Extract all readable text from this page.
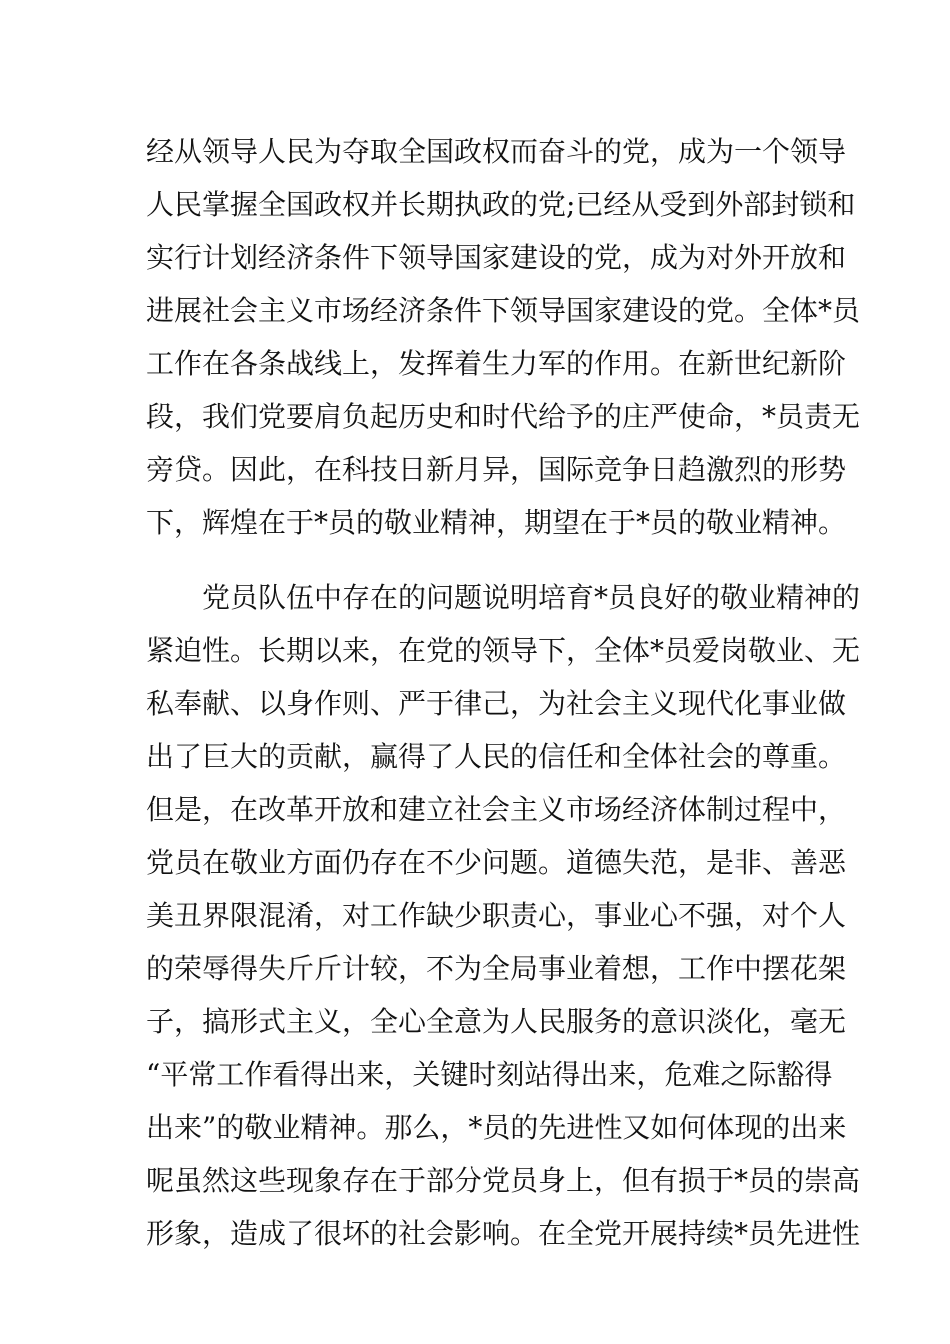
经从领导人民为夺取全国政权而奋斗的党，成为一个领导
人民掌握全国政权并长期执政的党;已经从受到外部封锁和
实行计划经济条件下领导国家建设的党，成为对外开放和
进展社会主义市场经济条件下领导国家建设的党。全体*员
工作在各条战线上，发挥着生力军的作用。在新世纪新阶
段，我们党要肩负起历史和时代给予的庄严使命，*员责无
旁贷。因此，在科技日新月异，国际竞争日趋激烈的形势
下，辉煌在于*员的敬业精神，期望在于*员的敬业精神。
　　党员队伍中存在的问题说明培育*员良好的敬业精神的
紧迫性。长期以来，在党的领导下，全体*员爱岗敬业、无
私奉献、以身作则、严于律己，为社会主义现代化事业做
出了巨大的贡献，赢得了人民的信任和全体社会的尊重。
但是，在改革开放和建立社会主义市场经济体制过程中，
党员在敬业方面仍存在不少问题。道德失范，是非、善恶
美丑界限混淆，对工作缺少职责心，事业心不强，对个人
的荣辱得失斤斤计较，不为全局事业着想，工作中摆花架
子，搞形式主义，全心全意为人民服务的意识淡化，毫无
“平常工作看得出来，关键时刻站得出来，危难之际豁得
出来”的敬业精神。那么，*员的先进性又如何体现的出来
呢虽然这些现象存在于部分党员身上，但有损于*员的崇高
形象，造成了很坏的社会影响。在全党开展持续*员先进性
